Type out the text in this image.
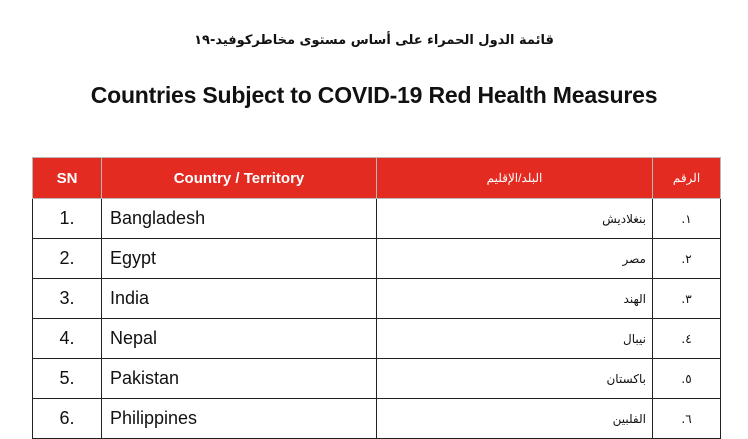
قائمة الدول الحمراء على أساس مستوى مخاطركوفيد-١٩
Countries Subject to COVID-19 Red Health Measures
SN	Country / Territory	البلد/الإقليم	الرقم
1.	Bangladesh	بنغلاديش	١.
2.	Egypt	مصر	٢.
3.	India	الهند	٣.
4.	Nepal	نيبال	٤.
5.	Pakistan	باكستان	٥.
6.	Philippines	الفلبين	٦.
